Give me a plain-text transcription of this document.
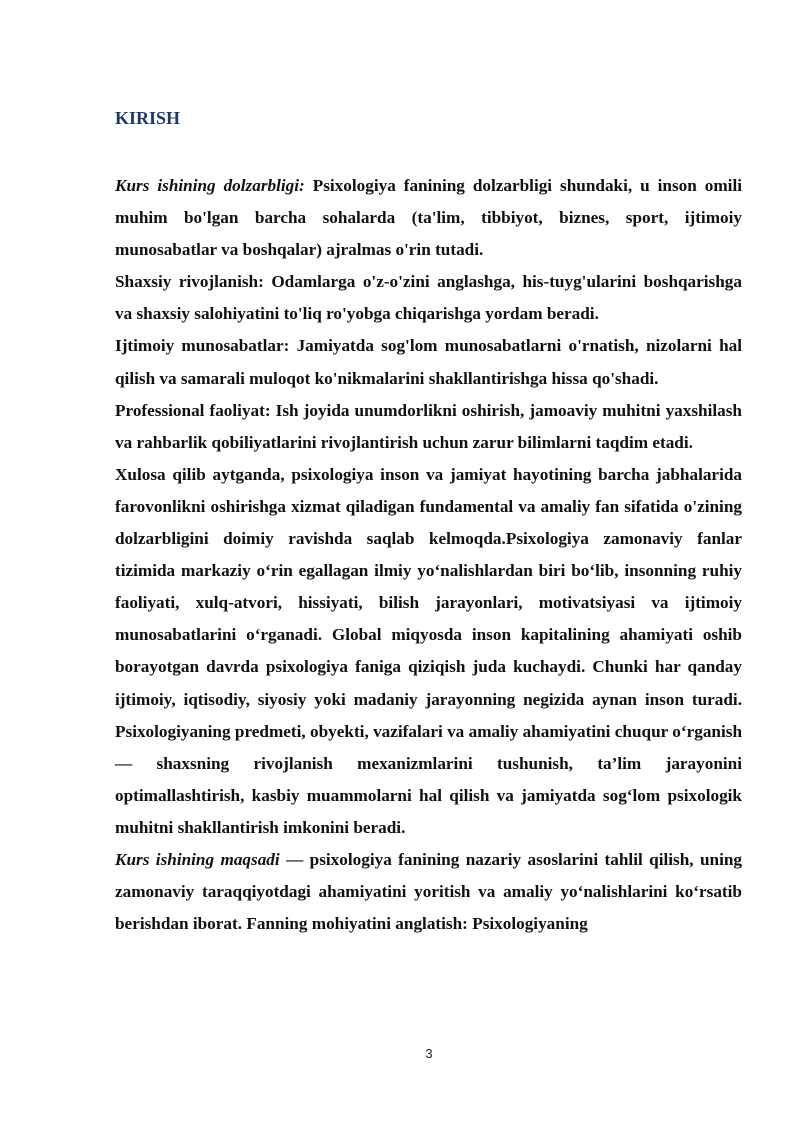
KIRISH

Kurs ishining dolzarbligi: Psixologiya fanining dolzarbligi shundaki, u inson omili muhim bo'lgan barcha sohalarda (ta'lim, tibbiyot, biznes, sport, ijtimoiy munosabatlar va boshqalar) ajralmas o'rin tutadi.

Shaxsiy rivojlanish: Odamlarga o'z-o'zini anglashga, his-tuyg'ularini boshqarishga va shaxsiy salohiyatini to'liq ro'yobga chiqarishga yordam beradi.

Ijtimoiy munosabatlar: Jamiyatda sog'lom munosabatlarni o'rnatish, nizolarni hal qilish va samarali muloqot ko'nikmalarini shakllantirishga hissa qo'shadi.

Professional faoliyat: Ish joyida unumdorlikni oshirish, jamoaviy muhitni yaxshilash va rahbarlik qobiliyatlarini rivojlantirish uchun zarur bilimlarni taqdim etadi.

Xulosa qilib aytganda, psixologiya inson va jamiyat hayotining barcha jabhalarida farovonlikni oshirishga xizmat qiladigan fundamental va amaliy fan sifatida o'zining dolzarbligini doimiy ravishda saqlab kelmoqda.Psixologiya zamonaviy fanlar tizimida markaziy o‘rin egallagan ilmiy yo‘nalishlardan biri bo‘lib, insonning ruhiy faoliyati, xulq-atvori, hissiyati, bilish jarayonlari, motivatsiyasi va ijtimoiy munosabatlarini o‘rganadi. Global miqyosda inson kapitalining ahamiyati oshib borayotgan davrda psixologiya faniga qiziqish juda kuchaydi. Chunki har qanday ijtimoiy, iqtisodiy, siyosiy yoki madaniy jarayonning negizida aynan inson turadi. Psixologiyaning predmeti, obyekti, vazifalari va amaliy ahamiyatini chuqur o‘rganish — shaxsning rivojlanish mexanizmlarini tushunish, ta’lim jarayonini optimallashtirish, kasbiy muammolarni hal qilish va jamiyatda sog‘lom psixologik muhitni shakllantirish imkonini beradi.

Kurs ishining maqsadi — psixologiya fanining nazariy asoslarini tahlil qilish, uning zamonaviy taraqqiyotdagi ahamiyatini yoritish va amaliy yo‘nalishlarini ko‘rsatib berishdan iborat. Fanning mohiyatini anglatish: Psixologiyaning

3
